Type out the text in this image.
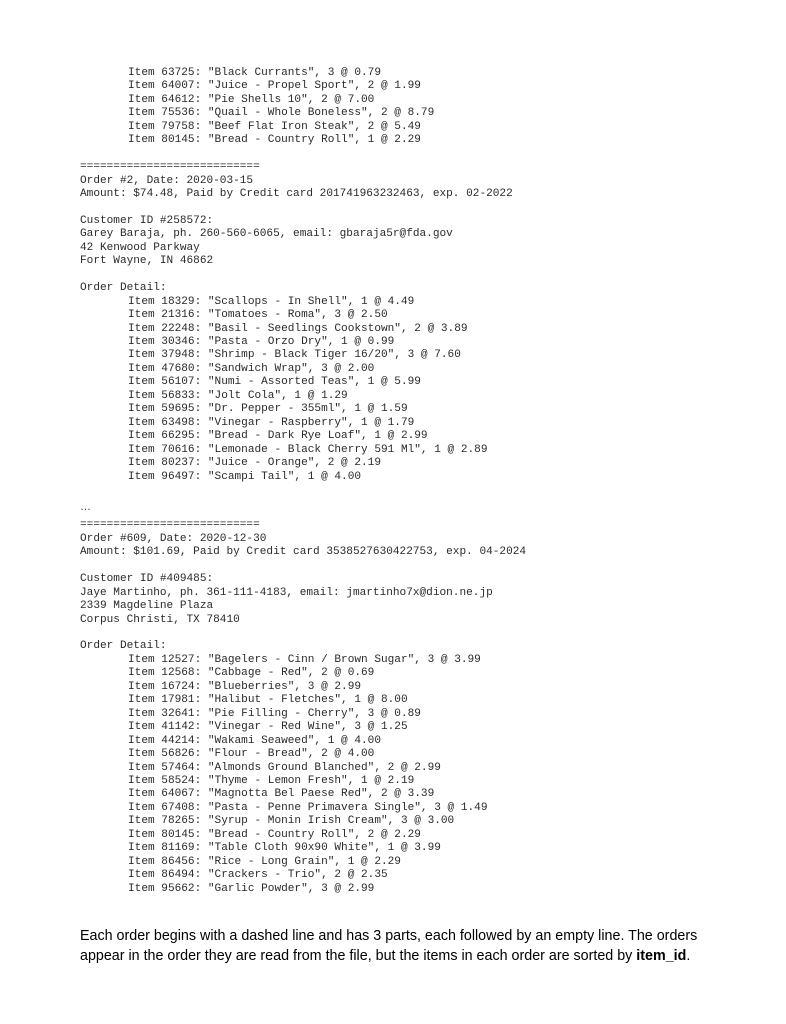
Item 63725: "Black Currants", 3 @ 0.79
Item 64007: "Juice - Propel Sport", 2 @ 1.99
Item 64612: "Pie Shells 10", 2 @ 7.00
Item 75536: "Quail - Whole Boneless", 2 @ 8.79
Item 79758: "Beef Flat Iron Steak", 2 @ 5.49
Item 80145: "Bread - Country Roll", 1 @ 2.29
===========================
Order #2, Date: 2020-03-15
Amount: $74.48, Paid by Credit card 201741963232463, exp. 02-2022
Customer ID #258572:
Garey Baraja, ph. 260-560-6065, email: gbaraja5r@fda.gov
42 Kenwood Parkway
Fort Wayne, IN 46862
Order Detail:
Item 18329: "Scallops - In Shell", 1 @ 4.49
Item 21316: "Tomatoes - Roma", 3 @ 2.50
Item 22248: "Basil - Seedlings Cookstown", 2 @ 3.89
Item 30346: "Pasta - Orzo Dry", 1 @ 0.99
Item 37948: "Shrimp - Black Tiger 16/20", 3 @ 7.60
Item 47680: "Sandwich Wrap", 3 @ 2.00
Item 56107: "Numi - Assorted Teas", 1 @ 5.99
Item 56833: "Jolt Cola", 1 @ 1.29
Item 59695: "Dr. Pepper - 355ml", 1 @ 1.59
Item 63498: "Vinegar - Raspberry", 1 @ 1.79
Item 66295: "Bread - Dark Rye Loaf", 1 @ 2.99
Item 70616: "Lemonade - Black Cherry 591 Ml", 1 @ 2.89
Item 80237: "Juice - Orange", 2 @ 2.19
Item 96497: "Scampi Tail", 1 @ 4.00
…
===========================
Order #609, Date: 2020-12-30
Amount: $101.69, Paid by Credit card 3538527630422753, exp. 04-2024
Customer ID #409485:
Jaye Martinho, ph. 361-111-4183, email: jmartinho7x@dion.ne.jp
2339 Magdeline Plaza
Corpus Christi, TX 78410
Order Detail:
Item 12527: "Bagelers - Cinn / Brown Sugar", 3 @ 3.99
Item 12568: "Cabbage - Red", 2 @ 0.69
Item 16724: "Blueberries", 3 @ 2.99
Item 17981: "Halibut - Fletches", 1 @ 8.00
Item 32641: "Pie Filling - Cherry", 3 @ 0.89
Item 41142: "Vinegar - Red Wine", 3 @ 1.25
Item 44214: "Wakami Seaweed", 1 @ 4.00
Item 56826: "Flour - Bread", 2 @ 4.00
Item 57464: "Almonds Ground Blanched", 2 @ 2.99
Item 58524: "Thyme - Lemon Fresh", 1 @ 2.19
Item 64067: "Magnotta Bel Paese Red", 2 @ 3.39
Item 67408: "Pasta - Penne Primavera Single", 3 @ 1.49
Item 78265: "Syrup - Monin Irish Cream", 3 @ 3.00
Item 80145: "Bread - Country Roll", 2 @ 2.29
Item 81169: "Table Cloth 90x90 White", 1 @ 3.99
Item 86456: "Rice - Long Grain", 1 @ 2.29
Item 86494: "Crackers - Trio", 2 @ 2.35
Item 95662: "Garlic Powder", 3 @ 2.99

Each order begins with a dashed line and has 3 parts, each followed by an empty line. The orders appear in the order they are read from the file, but the items in each order are sorted by item_id.
